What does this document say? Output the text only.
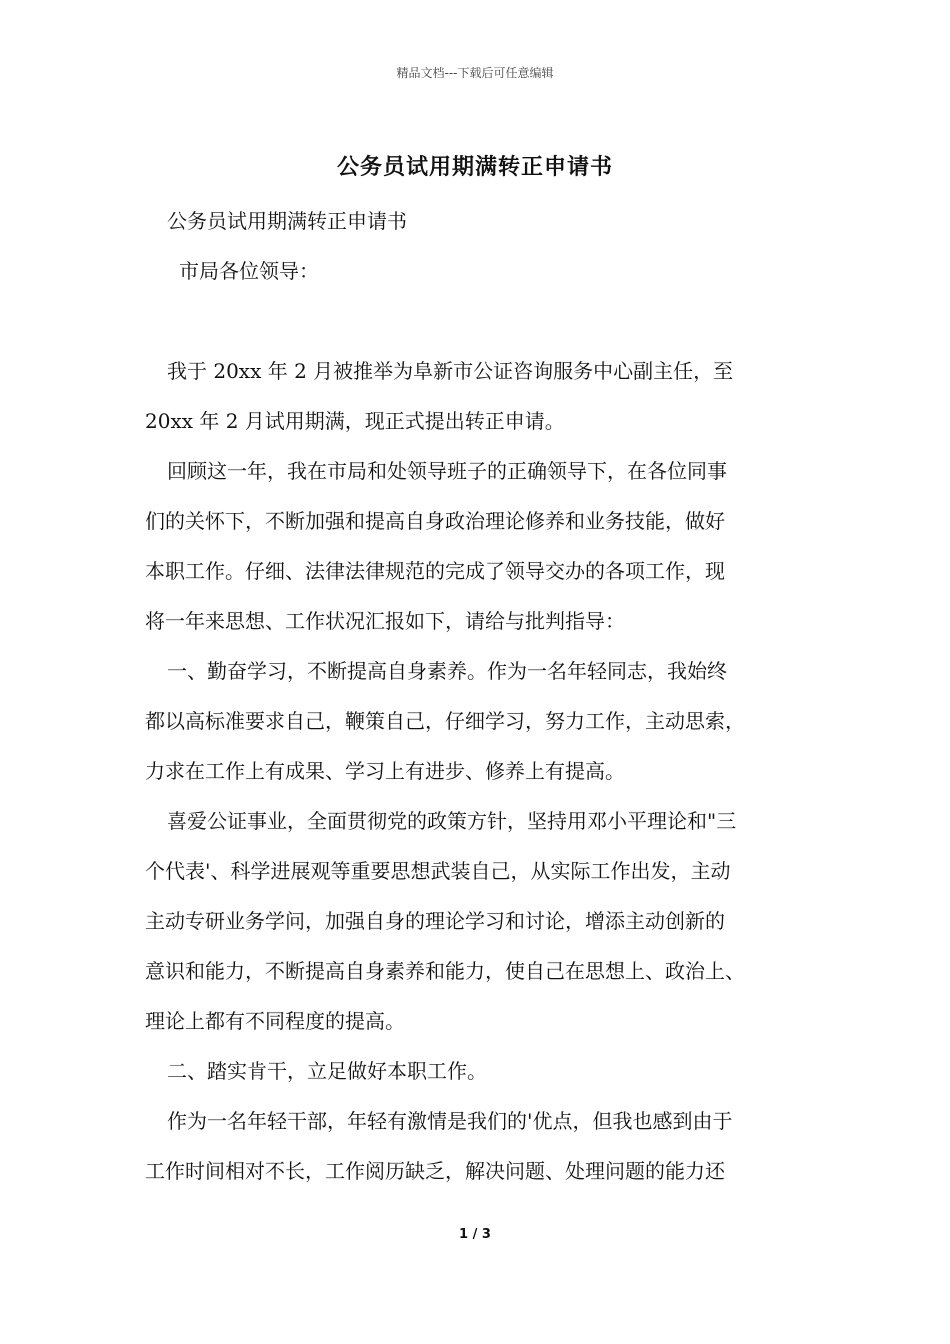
精品文档---下载后可任意编辑
公务员试用期满转正申请书

公务员试用期满转正申请书

市局各位领导：

我于 20xx 年 2 月被推举为阜新市公证咨询服务中心副主任，至

20xx 年 2 月试用期满，现正式提出转正申请。

回顾这一年，我在市局和处领导班子的正确领导下，在各位同事

们的关怀下，不断加强和提高自身政治理论修养和业务技能，做好

本职工作。仔细、法律法律规范的完成了领导交办的各项工作，现

将一年来思想、工作状况汇报如下，请给与批判指导：

一、勤奋学习，不断提高自身素养。作为一名年轻同志，我始终

都以高标准要求自己，鞭策自己，仔细学习，努力工作，主动思索，

力求在工作上有成果、学习上有进步、修养上有提高。

喜爱公证事业，全面贯彻党的政策方针，坚持用邓小平理论和"三

个代表'、科学进展观等重要思想武装自己，从实际工作出发，主动

主动专研业务学问，加强自身的理论学习和讨论，增添主动创新的

意识和能力，不断提高自身素养和能力，使自己在思想上、政治上、

理论上都有不同程度的提高。

二、踏实肯干，立足做好本职工作。

作为一名年轻干部，年轻有激情是我们的'优点，但我也感到由于

工作时间相对不长，工作阅历缺乏，解决问题、处理问题的能力还

1 / 3
